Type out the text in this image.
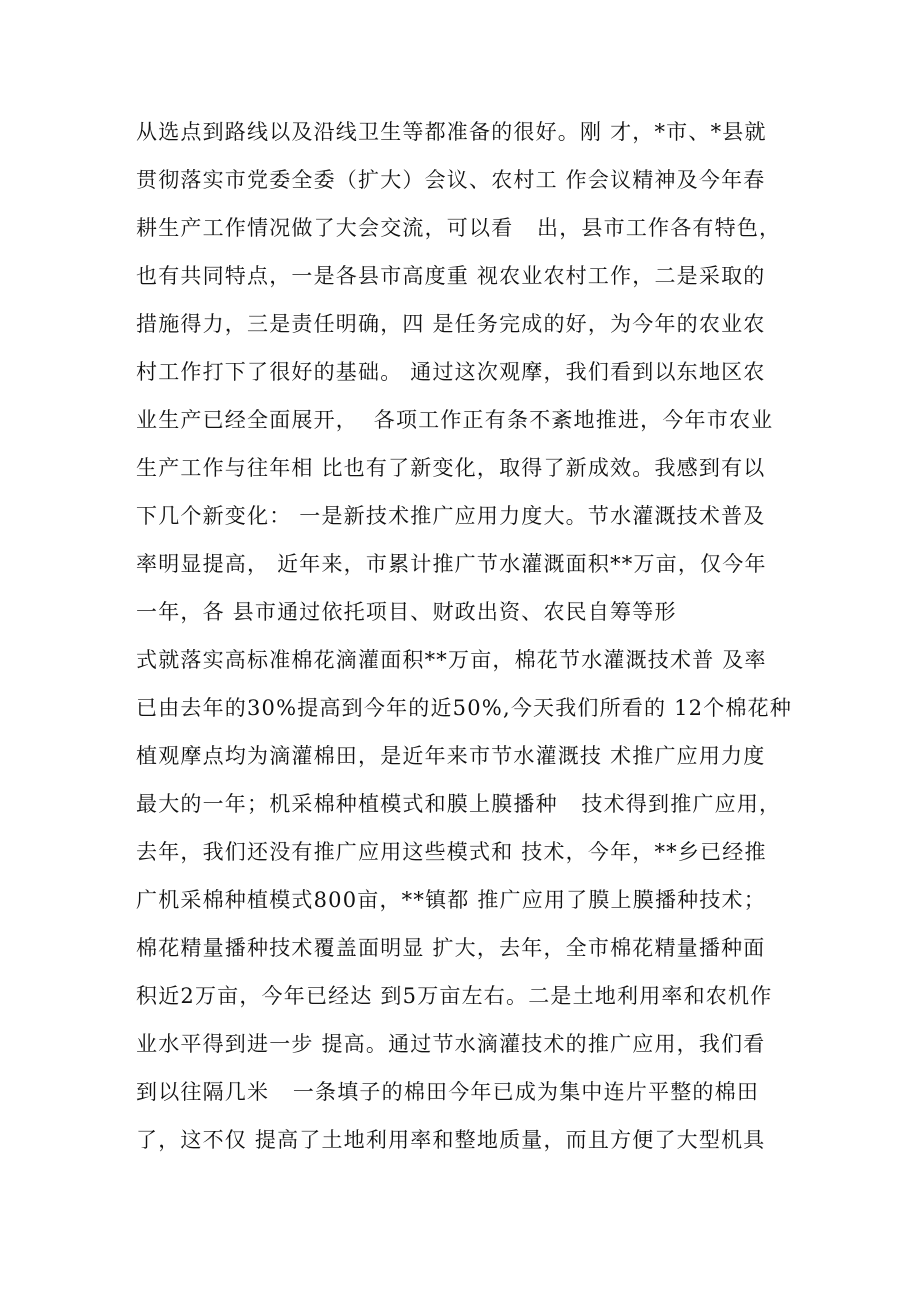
从选点到路线以及沿线卫生等都准备的很好。刚 才，*市、*县就

贯彻落实市党委全委（扩大）会议、农村工 作会议精神及今年春

耕生产工作情况做了大会交流，可以看   出，县市工作各有特色，

也有共同特点，一是各县市高度重 视农业农村工作，二是采取的

措施得力，三是责任明确，四 是任务完成的好，为今年的农业农

村工作打下了很好的基础。 通过这次观摩，我们看到以东地区农

业生产已经全面展开，  各项工作正有条不紊地推进，今年市农业

生产工作与往年相 比也有了新变化，取得了新成效。我感到有以

下几个新变化： 一是新技术推广应用力度大。节水灌溉技术普及

率明显提高， 近年来，市累计推广节水灌溉面积**万亩，仅今年

一年，各 县市通过依托项目、财政出资、农民自筹等形

式就落实高标准棉花滴灌面积**万亩，棉花节水灌溉技术普 及率

已由去年的30%提高到今年的近50%,今天我们所看的 12个棉花种

植观摩点均为滴灌棉田，是近年来市节水灌溉技 术推广应用力度

最大的一年；机采棉种植模式和膜上膜播种   技术得到推广应用，

去年，我们还没有推广应用这些模式和 技术，今年，**乡已经推

广机采棉种植模式800亩，**镇都 推广应用了膜上膜播种技术；

棉花精量播种技术覆盖面明显 扩大，去年，全市棉花精量播种面

积近2万亩，今年已经达 到5万亩左右。二是土地利用率和农机作

业水平得到进一步 提高。通过节水滴灌技术的推广应用，我们看

到以往隔几米   一条填子的棉田今年已成为集中连片平整的棉田

了，这不仅 提高了土地利用率和整地质量，而且方便了大型机具
